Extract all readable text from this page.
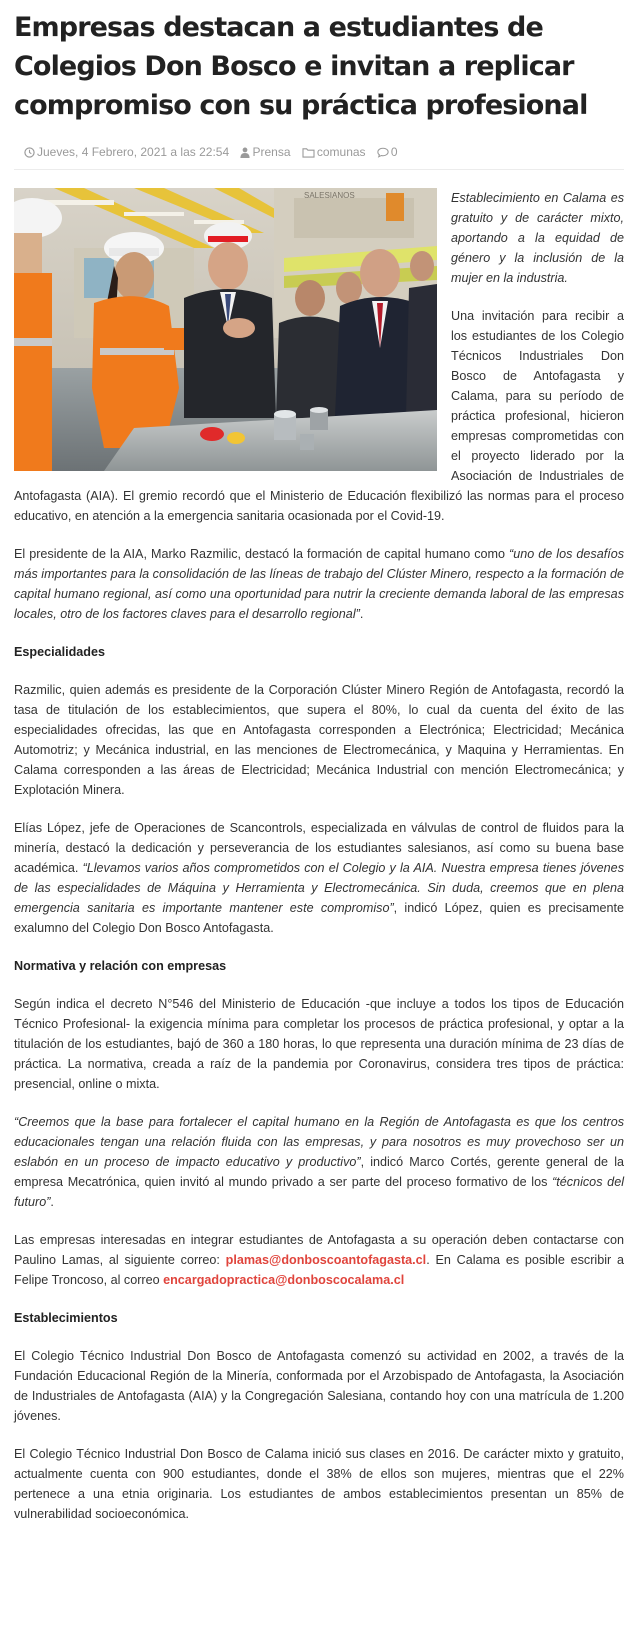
Empresas destacan a estudiantes de Colegios Don Bosco e invitan a replicar compromiso con su práctica profesional
Jueves, 4 Febrero, 2021 a las 22:54 Prensa comunas 0
SALESIANOS	Establecimiento en Calama es gratuito y de carácter mixto, aportando a la equidad de género y la inclusión de la mujer en la industria.

Una invitación para recibir a los estudiantes de los Colegio Técnicos Industriales Don Bosco de Antofagasta y Calama, para su período de práctica profesional, hicieron empresas comprometidas con el proyecto liderado por la Asociación de Industriales de Antofagasta (AIA). El gremio recordó que el Ministerio de Educación flexibilizó las normas para el proceso educativo, en atención a la emergencia sanitaria ocasionada por el Covid-19.

El presidente de la AIA, Marko Razmilic, destacó la formación de capital humano como “uno de los desafíos más importantes para la consolidación de las líneas de trabajo del Clúster Minero, respecto a la formación de capital humano regional, así como una oportunidad para nutrir la creciente demanda laboral de las empresas locales, otro de los factores claves para el desarrollo regional”.

Especialidades

Razmilic, quien además es presidente de la Corporación Clúster Minero Región de Antofagasta, recordó la tasa de titulación de los establecimientos, que supera el 80%, lo cual da cuenta del éxito de las especialidades ofrecidas, las que en Antofagasta corresponden a Electrónica; Electricidad; Mecánica Automotriz; y Mecánica industrial, en las menciones de Electromecánica, y Maquina y Herramientas. En Calama corresponden a las áreas de Electricidad; Mecánica Industrial con mención Electromecánica; y Explotación Minera.

Elías López, jefe de Operaciones de Scancontrols, especializada en válvulas de control de fluidos para la minería, destacó la dedicación y perseverancia de los estudiantes salesianos, así como su buena base académica. “Llevamos varios años comprometidos con el Colegio y la AIA. Nuestra empresa tienes jóvenes de las especialidades de Máquina y Herramienta y Electromecánica. Sin duda, creemos que en plena emergencia sanitaria es importante mantener este compromiso”, indicó López, quien es precisamente exalumno del Colegio Don Bosco Antofagasta.

Normativa y relación con empresas

Según indica el decreto N°546 del Ministerio de Educación -que incluye a todos los tipos de Educación Técnico Profesional- la exigencia mínima para completar los procesos de práctica profesional, y optar a la titulación de los estudiantes, bajó de 360 a 180 horas, lo que representa una duración mínima de 23 días de práctica. La normativa, creada a raíz de la pandemia por Coronavirus, considera tres tipos de práctica: presencial, online o mixta.

“Creemos que la base para fortalecer el capital humano en la Región de Antofagasta es que los centros educacionales tengan una relación fluida con las empresas, y para nosotros es muy provechoso ser un eslabón en un proceso de impacto educativo y productivo”, indicó Marco Cortés, gerente general de la empresa Mecatrónica, quien invitó al mundo privado a ser parte del proceso formativo de los “técnicos del futuro”.

Las empresas interesadas en integrar estudiantes de Antofagasta a su operación deben contactarse con Paulino Lamas, al siguiente correo: plamas@donboscoantofagasta.cl. En Calama es posible escribir a Felipe Troncoso, al correo encargadopractica@donboscocalama.cl

Establecimientos

El Colegio Técnico Industrial Don Bosco de Antofagasta comenzó su actividad en 2002, a través de la Fundación Educacional Región de la Minería, conformada por el Arzobispado de Antofagasta, la Asociación de Industriales de Antofagasta (AIA) y la Congregación Salesiana, contando hoy con una matrícula de 1.200 jóvenes.

El Colegio Técnico Industrial Don Bosco de Calama inició sus clases en 2016. De carácter mixto y gratuito, actualmente cuenta con 900 estudiantes, donde el 38% de ellos son mujeres, mientras que el 22% pertenece a una etnia originaria. Los estudiantes de ambos establecimientos presentan un 85% de vulnerabilidad socioeconómica.
